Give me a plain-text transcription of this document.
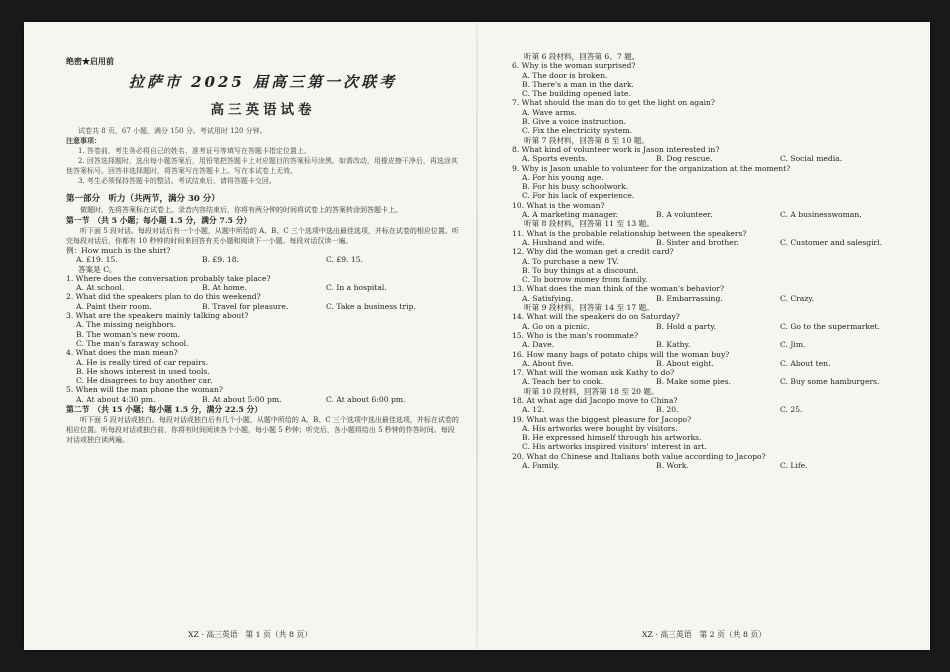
绝密★启用前
拉萨市 2025 届高三第一次联考
高三英语试卷

试卷共 8 页，67 小题，满分 150 分。考试用时 120 分钟。

注意事项：

1. 答卷前，考生务必将自己的姓名、准考证号等填写在答题卡指定位置上。

2. 回答选择题时，选出每小题答案后，用铅笔把答题卡上对应题目的答案标号涂黑。如需改动，用橡皮擦干净后，再选涂其他答案标号。回答非选择题时，将答案写在答题卡上。写在本试卷上无效。

3. 考生必须保持答题卡的整洁。考试结束后，请将答题卡交回。

第一部分　听力（共两节，满分 30 分）
做题时，先将答案标在试卷上。录音内容结束后，你将有两分钟的时间将试卷上的答案转涂到答题卡上。
第一节　（共 5 小题；每小题 1.5 分，满分 7.5 分）
听下面 5 段对话。每段对话后有一个小题，从题中所给的 A、B、C 三个选项中选出最佳选项，并标在试卷的相应位置。听完每段对话后，你都有 10 秒钟的时间来回答有关小题和阅读下一小题。每段对话仅读一遍。
例：How much is the shirt?
A. £19. 15.	B. £9. 18.	C. £9. 15.
答案是 C。
1. Where does the conversation probably take place?
A. At school.	B. At home.	C. In a hospital.
2. What did the speakers plan to do this weekend?
A. Paint their room.	B. Travel for pleasure.	C. Take a business trip.
3. What are the speakers mainly talking about?
A. The missing neighbors.
B. The woman's new room.
C. The man's faraway school.
4. What does the man mean?
A. He is really tired of car repairs.
B. He shows interest in used tools.
C. He disagrees to buy another car.
5. When will the man phone the woman?
A. At about 4:30 pm.	B. At about 5:00 pm.	C. At about 6:00 pm.
第二节　（共 15 小题；每小题 1.5 分，满分 22.5 分）
听下面 5 段对话或独白。每段对话或独白后有几个小题，从题中所给的 A、B、C 三个选项中选出最佳选项，并标在试卷的相应位置。听每段对话或独白前，你将有时间阅读各个小题，每小题 5 秒钟；听完后，各小题将给出 5 秒钟的作答时间。每段对话或独白读两遍。
XZ · 高三英语　第 1 页（共 8 页）
听第 6 段材料，回答第 6、7 题。
6. Why is the woman surprised?
A. The door is broken.
B. There's a man in the dark.
C. The building opened late.
7. What should the man do to get the light on again?
A. Wave arms.
B. Give a voice instruction.
C. Fix the electricity system.
听第 7 段材料，回答第 8 至 10 题。
8. What kind of volunteer work is Jason interested in?
A. Sports events.	B. Dog rescue.	C. Social media.
9. Why is Jason unable to volunteer for the organization at the moment?
A. For his young age.
B. For his busy schoolwork.
C. For his lack of experience.
10. What is the woman?
A. A marketing manager.	B. A volunteer.	C. A businesswoman.
听第 8 段材料，回答第 11 至 13 题。
11. What is the probable relationship between the speakers?
A. Husband and wife.	B. Sister and brother.	C. Customer and salesgirl.
12. Why did the woman get a credit card?
A. To purchase a new TV.
B. To buy things at a discount.
C. To borrow money from family.
13. What does the man think of the woman's behavior?
A. Satisfying.	B. Embarrassing.	C. Crazy.
听第 9 段材料，回答第 14 至 17 题。
14. What will the speakers do on Saturday?
A. Go on a picnic.	B. Hold a party.	C. Go to the supermarket.
15. Who is the man's roommate?
A. Dave.	B. Kathy.	C. Jim.
16. How many bags of potato chips will the woman buy?
A. About five.	B. About eight.	C. About ten.
17. What will the woman ask Kathy to do?
A. Teach her to cook.	B. Make some pies.	C. Buy some hamburgers.
听第 10 段材料，回答第 18 至 20 题。
18. At what age did Jacopo move to China?
A. 12.	B. 20.	C. 25.
19. What was the biggest pleasure for Jacopo?
A. His artworks were bought by visitors.
B. He expressed himself through his artworks.
C. His artworks inspired visitors' interest in art.
20. What do Chinese and Italians both value according to Jacopo?
A. Family.	B. Work.	C. Life.
XZ · 高三英语　第 2 页（共 8 页）
